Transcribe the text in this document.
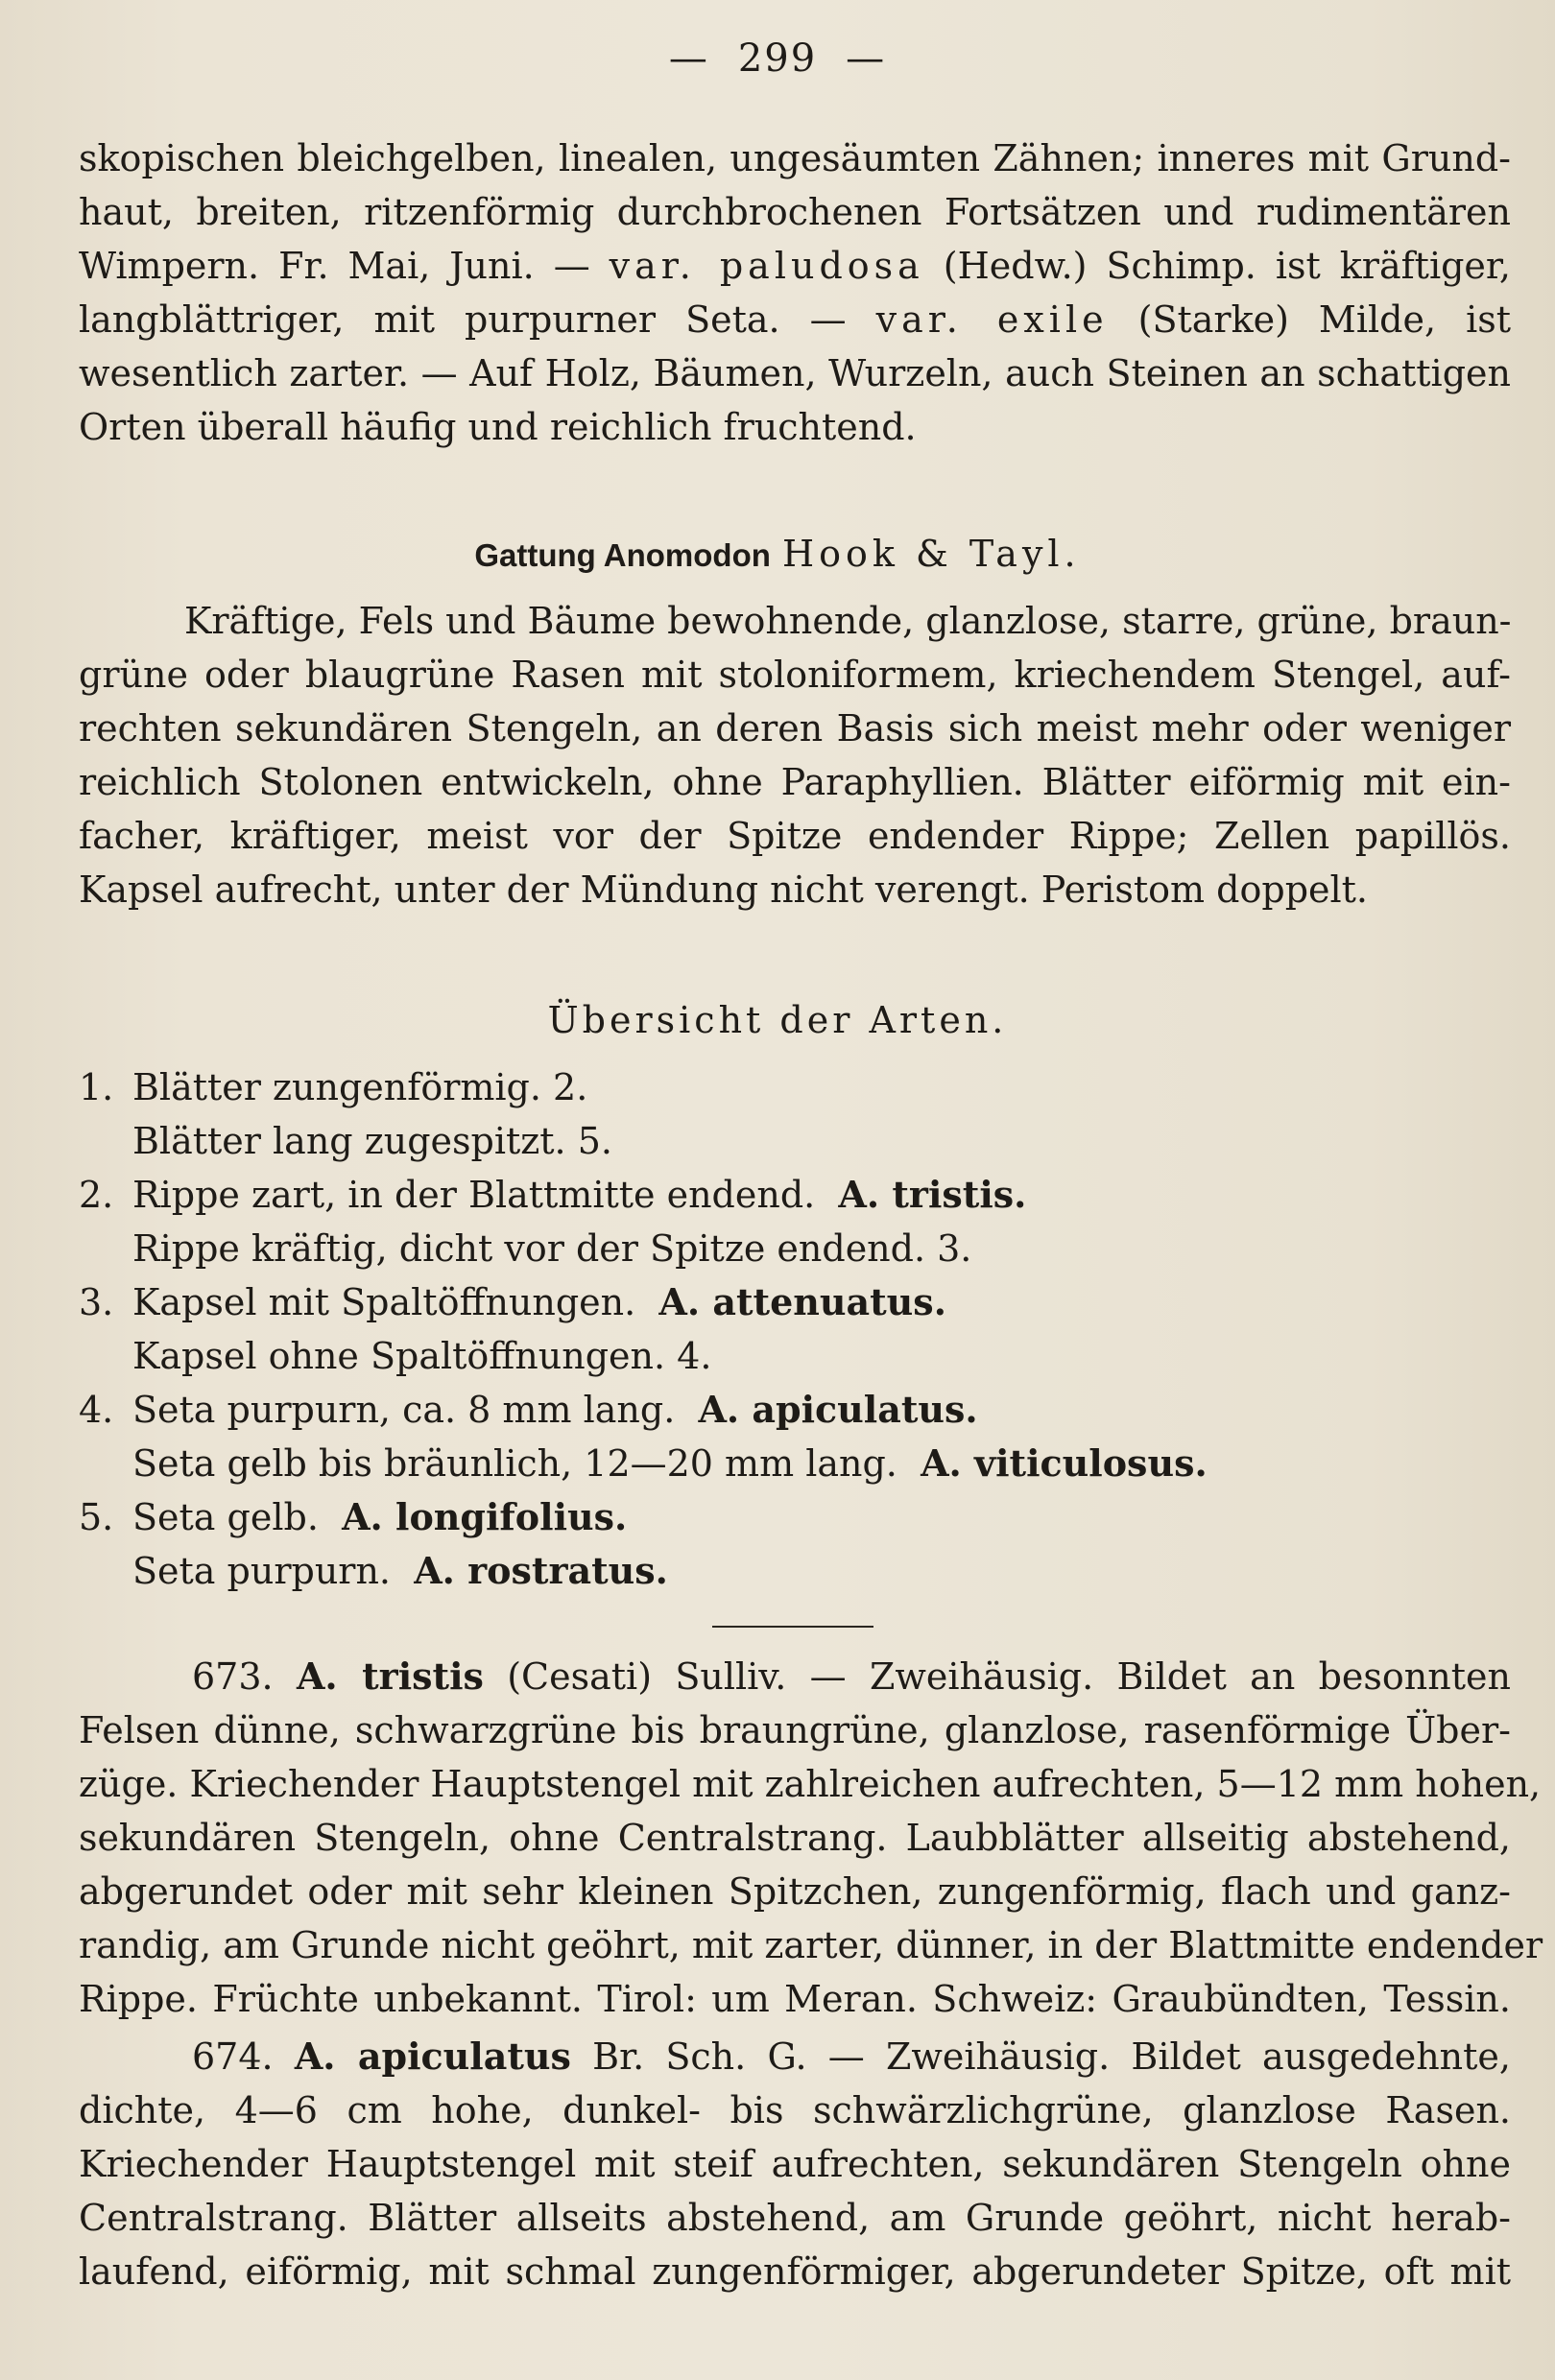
— 299 —
skopischen bleichgelben, linealen, ungesäumten Zähnen; inneres mit Grund-
haut, breiten, ritzenförmig durchbrochenen Fortsätzen und rudimentären
Wimpern. Fr. Mai, Juni. — var. paludosa (Hedw.) Schimp. ist kräftiger,
langblättriger, mit purpurner Seta. — var. exile (Starke) Milde, ist
wesentlich zarter. — Auf Holz, Bäumen, Wurzeln, auch Steinen an schattigen
Orten überall häufig und reichlich fruchtend.
Gattung Anomodon Hook & Tayl.
Kräftige, Fels und Bäume bewohnende, glanzlose, starre, grüne, braun-
grüne oder blaugrüne Rasen mit stoloniformem, kriechendem Stengel, auf-
rechten sekundären Stengeln, an deren Basis sich meist mehr oder weniger
reichlich Stolonen entwickeln, ohne Paraphyllien. Blätter eiförmig mit ein-
facher, kräftiger, meist vor der Spitze endender Rippe; Zellen papillös.
Kapsel aufrecht, unter der Mündung nicht verengt. Peristom doppelt.
Übersicht der Arten.
1. Blätter zungenförmig. 2.
Blätter lang zugespitzt. 5.
2. Rippe zart, in der Blattmitte endend. A. tristis.
Rippe kräftig, dicht vor der Spitze endend. 3.
3. Kapsel mit Spaltöffnungen. A. attenuatus.
Kapsel ohne Spaltöffnungen. 4.
4. Seta purpurn, ca. 8 mm lang. A. apiculatus.
Seta gelb bis bräunlich, 12—20 mm lang. A. viticulosus.
5. Seta gelb. A. longifolius.
Seta purpurn. A. rostratus.
673. A. tristis (Cesati) Sulliv. — Zweihäusig. Bildet an besonnten
Felsen dünne, schwarzgrüne bis braungrüne, glanzlose, rasenförmige Über-
züge. Kriechender Hauptstengel mit zahlreichen aufrechten, 5—12 mm hohen,
sekundären Stengeln, ohne Centralstrang. Laubblätter allseitig abstehend,
abgerundet oder mit sehr kleinen Spitzchen, zungenförmig, flach und ganz-
randig, am Grunde nicht geöhrt, mit zarter, dünner, in der Blattmitte endender
Rippe. Früchte unbekannt. Tirol: um Meran. Schweiz: Graubündten, Tessin.
674. A. apiculatus Br. Sch. G. — Zweihäusig. Bildet ausgedehnte,
dichte, 4—6 cm hohe, dunkel- bis schwärzlichgrüne, glanzlose Rasen.
Kriechender Hauptstengel mit steif aufrechten, sekundären Stengeln ohne
Centralstrang. Blätter allseits abstehend, am Grunde geöhrt, nicht herab-
laufend, eiförmig, mit schmal zungenförmiger, abgerundeter Spitze, oft mit
